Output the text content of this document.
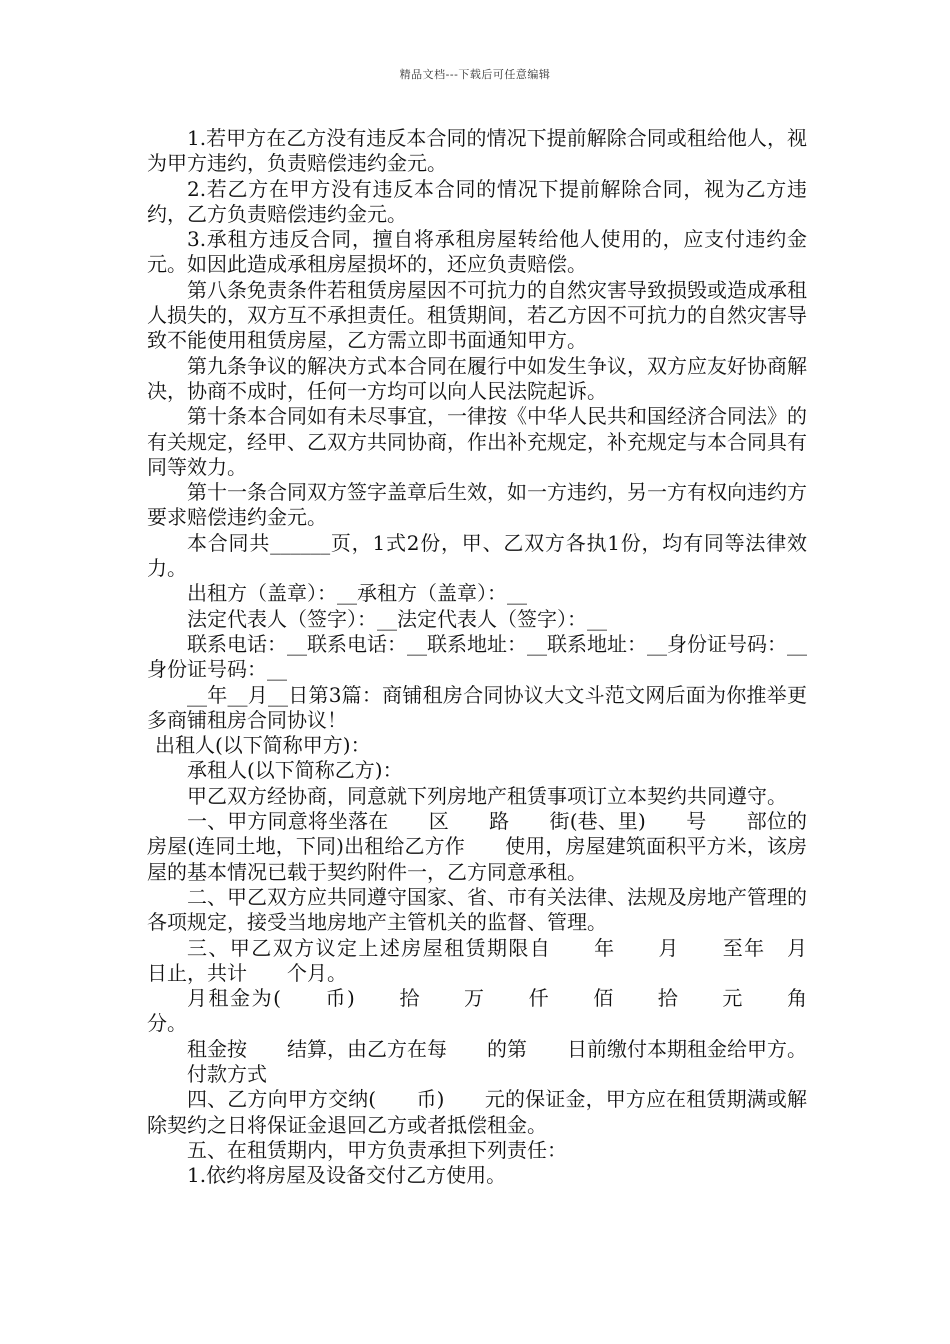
精品文档---下载后可任意编辑

1.若甲方在乙方没有违反本合同的情况下提前解除合同或租给他人，视为甲方违约，负责赔偿违约金元。

2.若乙方在甲方没有违反本合同的情况下提前解除合同，视为乙方违约，乙方负责赔偿违约金元。

3.承租方违反合同，擅自将承租房屋转给他人使用的，应支付违约金元。如因此造成承租房屋损坏的，还应负责赔偿。

第八条免责条件若租赁房屋因不可抗力的自然灾害导致损毁或造成承租人损失的，双方互不承担责任。租赁期间，若乙方因不可抗力的自然灾害导致不能使用租赁房屋，乙方需立即书面通知甲方。

第九条争议的解决方式本合同在履行中如发生争议，双方应友好协商解决，协商不成时，任何一方均可以向人民法院起诉。

第十条本合同如有未尽事宜，一律按《中华人民共和国经济合同法》的有关规定，经甲、乙双方共同协商，作出补充规定，补充规定与本合同具有同等效力。

第十一条合同双方签字盖章后生效，如一方违约，另一方有权向违约方要求赔偿违约金元。

本合同共______页，1式2份，甲、乙双方各执1份，均有同等法律效力。

出租方（盖章）：__承租方（盖章）：__

法定代表人（签字）：__法定代表人（签字）：__

联系电话：__联系电话：__联系地址：__联系地址：__身份证号码：__身份证号码：__

__年__月__日第3篇：商铺租房合同协议大文斗范文网后面为你推举更多商铺租房合同协议！

出租人(以下简称甲方)：

承租人(以下简称乙方)：

甲乙双方经协商，同意就下列房地产租赁事项订立本契约共同遵守。

一、甲方同意将坐落在　　区　　路　　街(巷、里)　　号　　部位的房屋(连同土地，下同)出租给乙方作　　使用，房屋建筑面积平方米，该房屋的基本情况已载于契约附件一，乙方同意承租。

二、甲乙双方应共同遵守国家、省、市有关法律、法规及房地产管理的各项规定，接受当地房地产主管机关的监督、管理。

三、甲乙双方议定上述房屋租赁期限自　　年　　月　　至年　月　　日止，共计　　个月。

月租金为(　　币)　　拾　　万　　仟　　佰　　拾　　元　　角　　分。

租金按　　结算，由乙方在每　　的第　　日前缴付本期租金给甲方。

付款方式

四、乙方向甲方交纳(　　币)　　元的保证金，甲方应在租赁期满或解除契约之日将保证金退回乙方或者抵偿租金。

五、在租赁期内，甲方负责承担下列责任：

1.依约将房屋及设备交付乙方使用。
